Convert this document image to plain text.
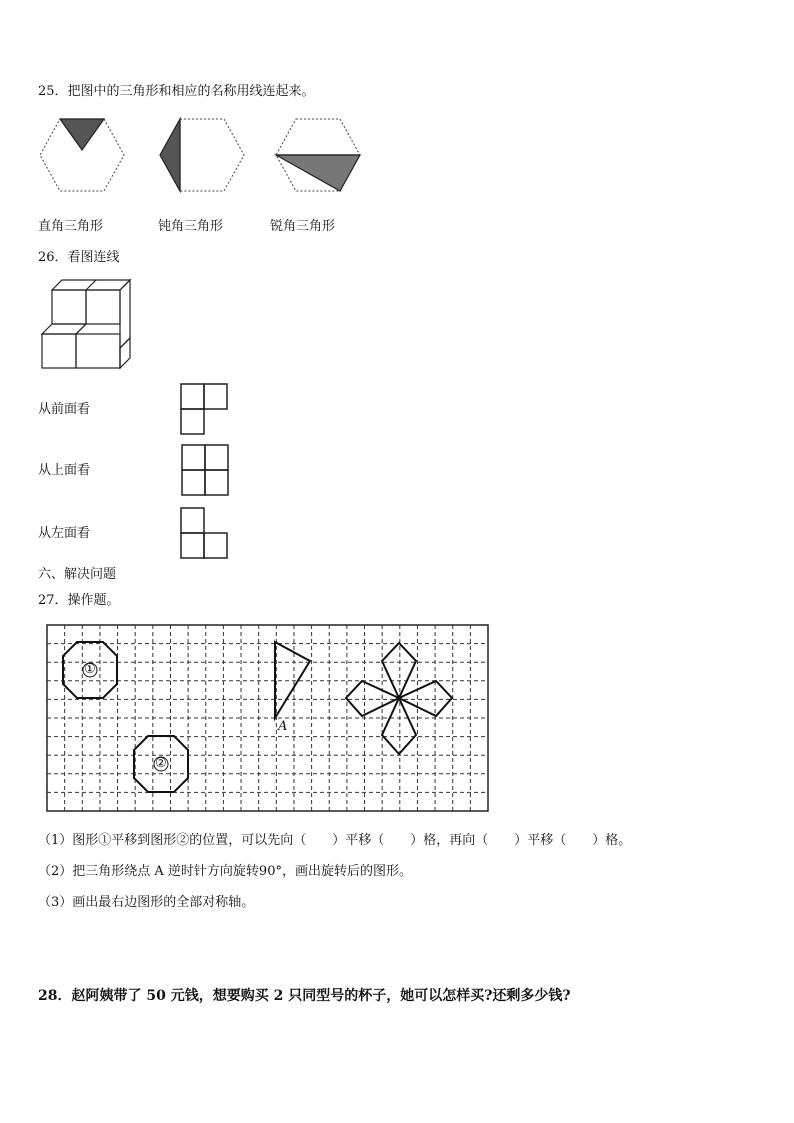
25．把图中的三角形和相应的名称用线连起来。
直角三角形	钝角三角形	锐角三角形
26．看图连线
从前面看
从上面看
从左面看
六、解决问题
27．操作题。
①
②
A
（1）图形①平移到图形②的位置，可以先向（　　）平移（　　）格，再向（　　）平移（　　）格。
（2）把三角形绕点 A 逆时针方向旋转90°，画出旋转后的图形。
（3）画出最右边图形的全部对称轴。
28．赵阿姨带了 50 元钱，想要购买 2 只同型号的杯子，她可以怎样买?还剩多少钱?
